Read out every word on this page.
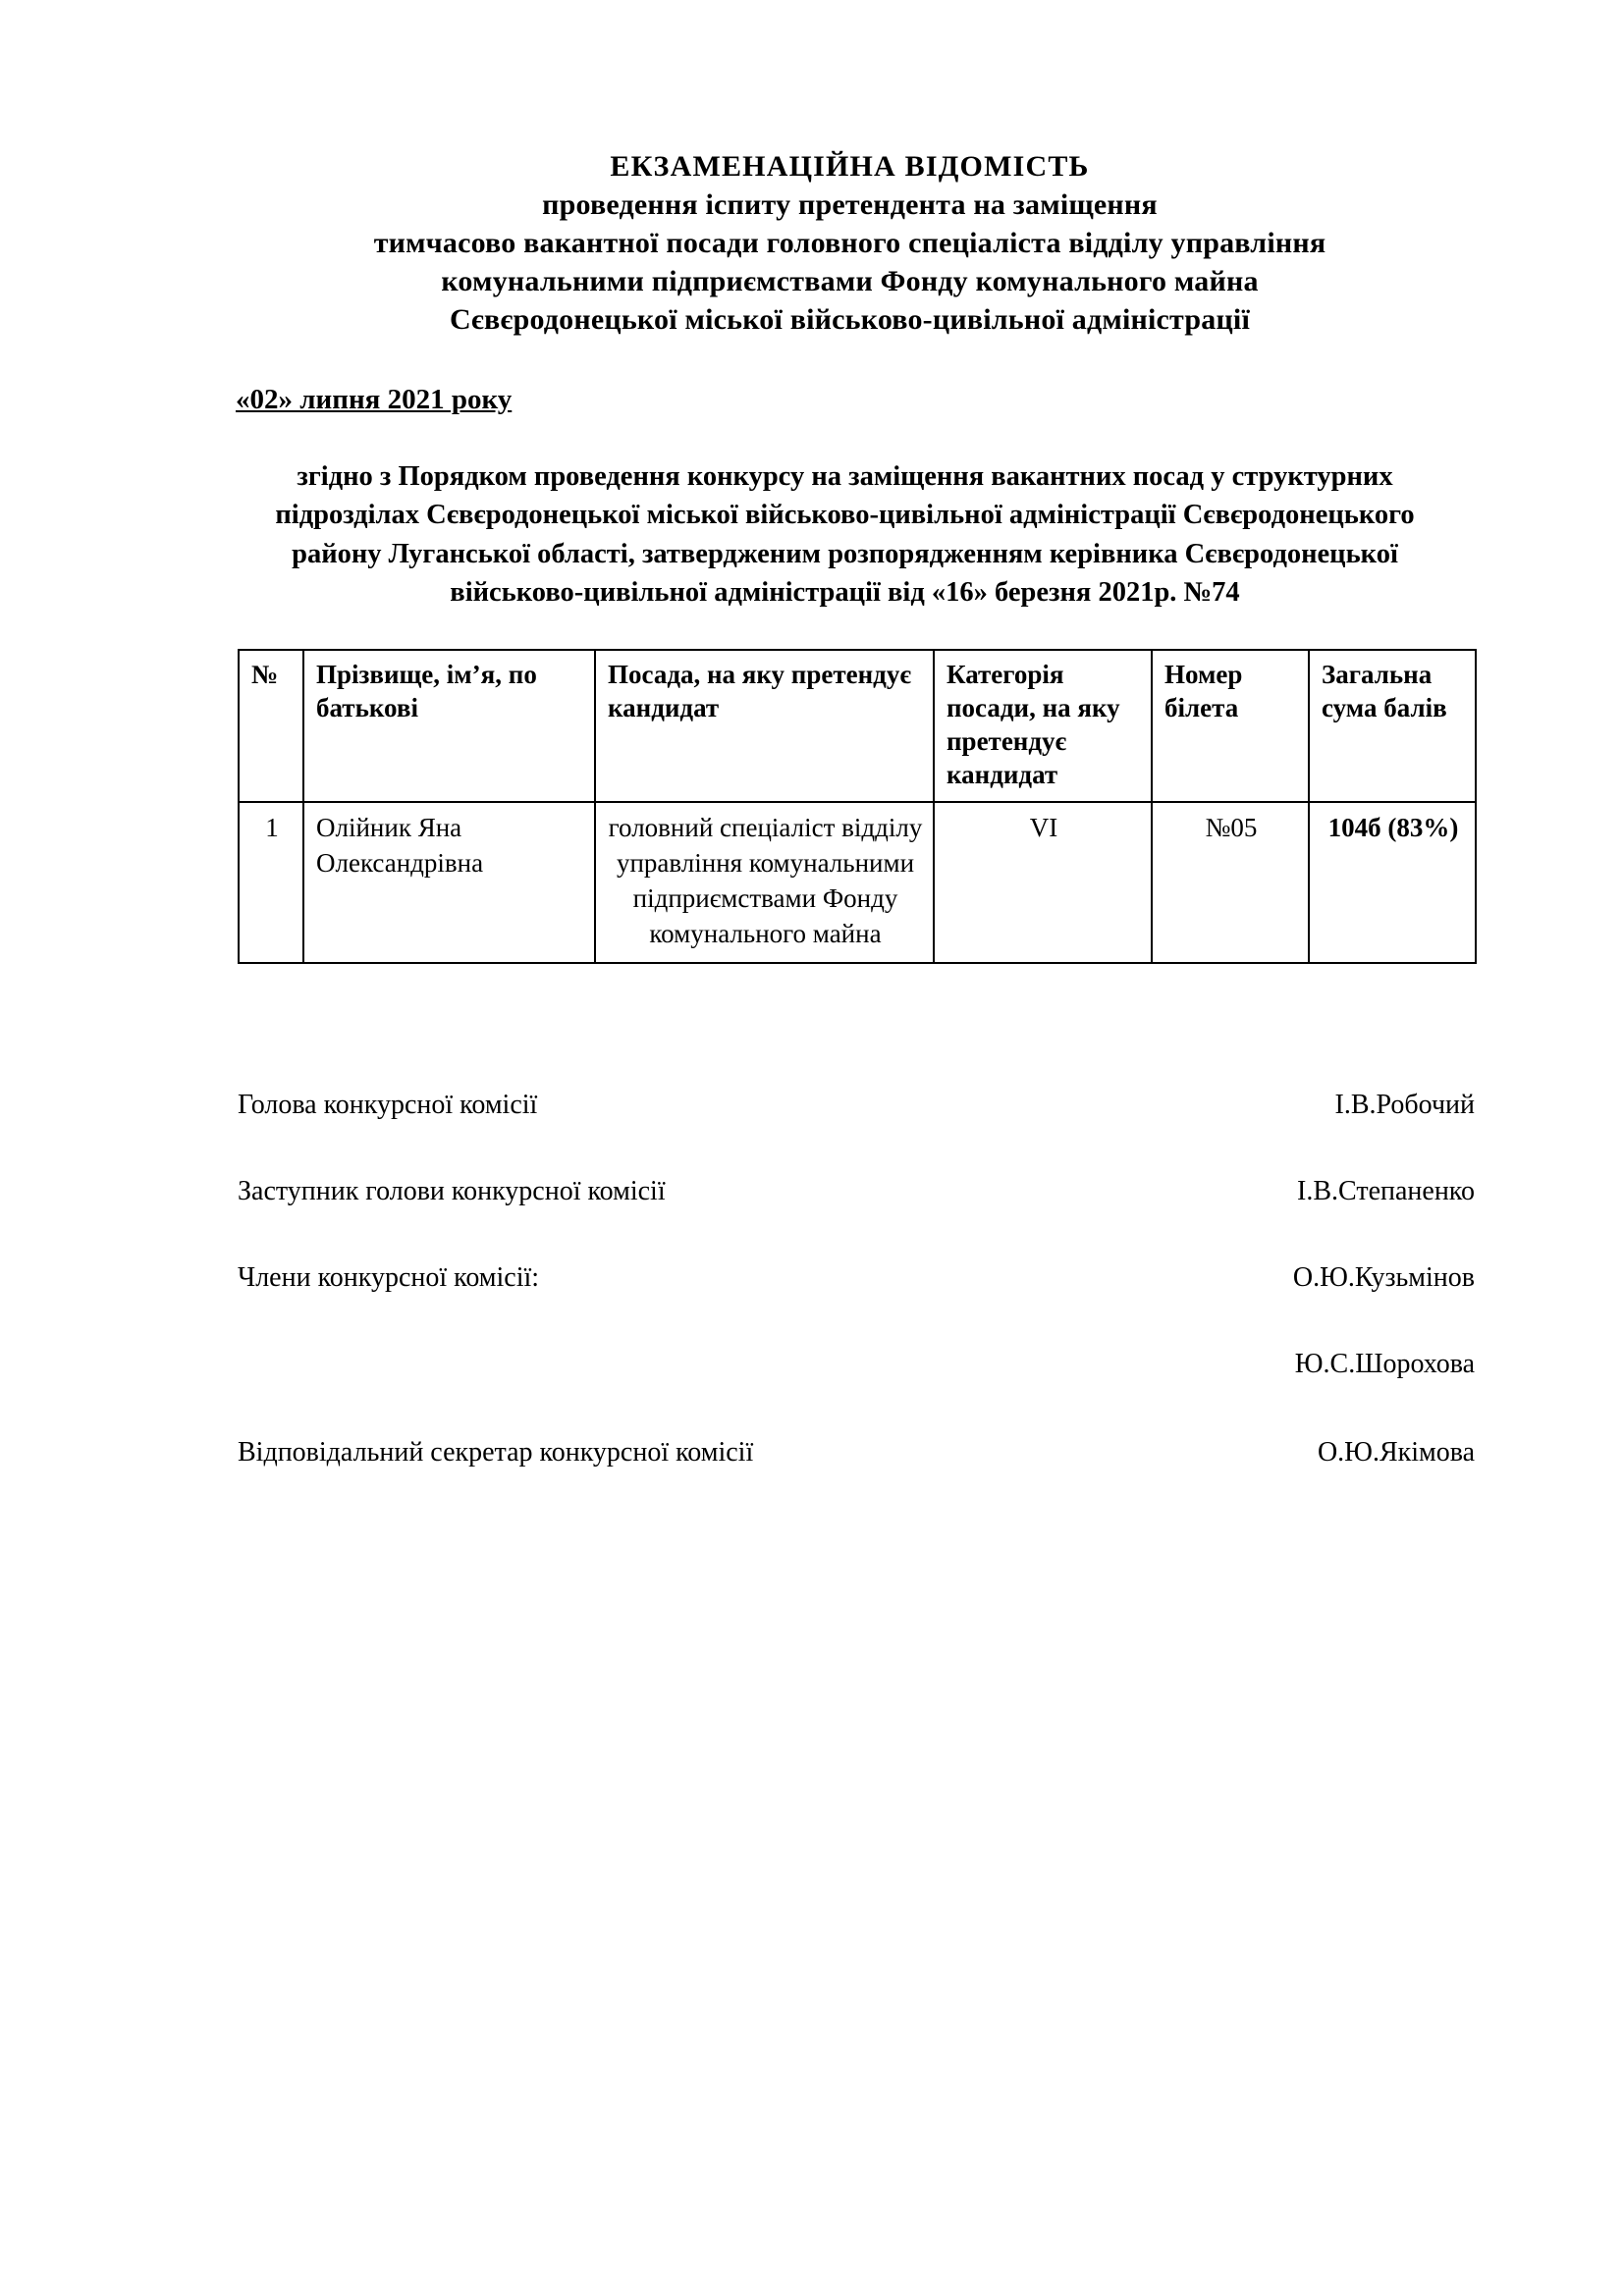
ЕКЗАМЕНАЦІЙНА ВІДОМІСТЬ
проведення іспиту претендента на заміщення
тимчасово вакантної посади головного спеціаліста відділу управління
комунальними підприємствами Фонду комунального майна
Сєвєродонецької міської військово-цивільної адміністрації
«02» липня 2021 року
згідно з Порядком проведення конкурсу на заміщення вакантних посад у структурних підрозділах Сєвєродонецької міської військово-цивільної адміністрації Сєвєродонецького району Луганської області, затвердженим розпорядженням керівника Сєвєродонецької військово-цивільної адміністрації від «16» березня 2021р. №74
№	Прізвище, ім’я, по батькові	Посада, на яку претендує кандидат	Категорія посади, на яку претендує кандидат	Номер білета	Загальна сума балів
1	Олійник Яна Олександрівна	головний спеціаліст відділу управління комунальними підприємствами Фонду комунального майна	VI	№05	104б (83%)
Голова конкурсної комісії	І.В.Робочий
Заступник голови конкурсної комісії	І.В.Степаненко
Члени конкурсної комісії:	О.Ю.Кузьмінов
Ю.С.Шорохова
Відповідальний секретар конкурсної комісії	О.Ю.Якімова
